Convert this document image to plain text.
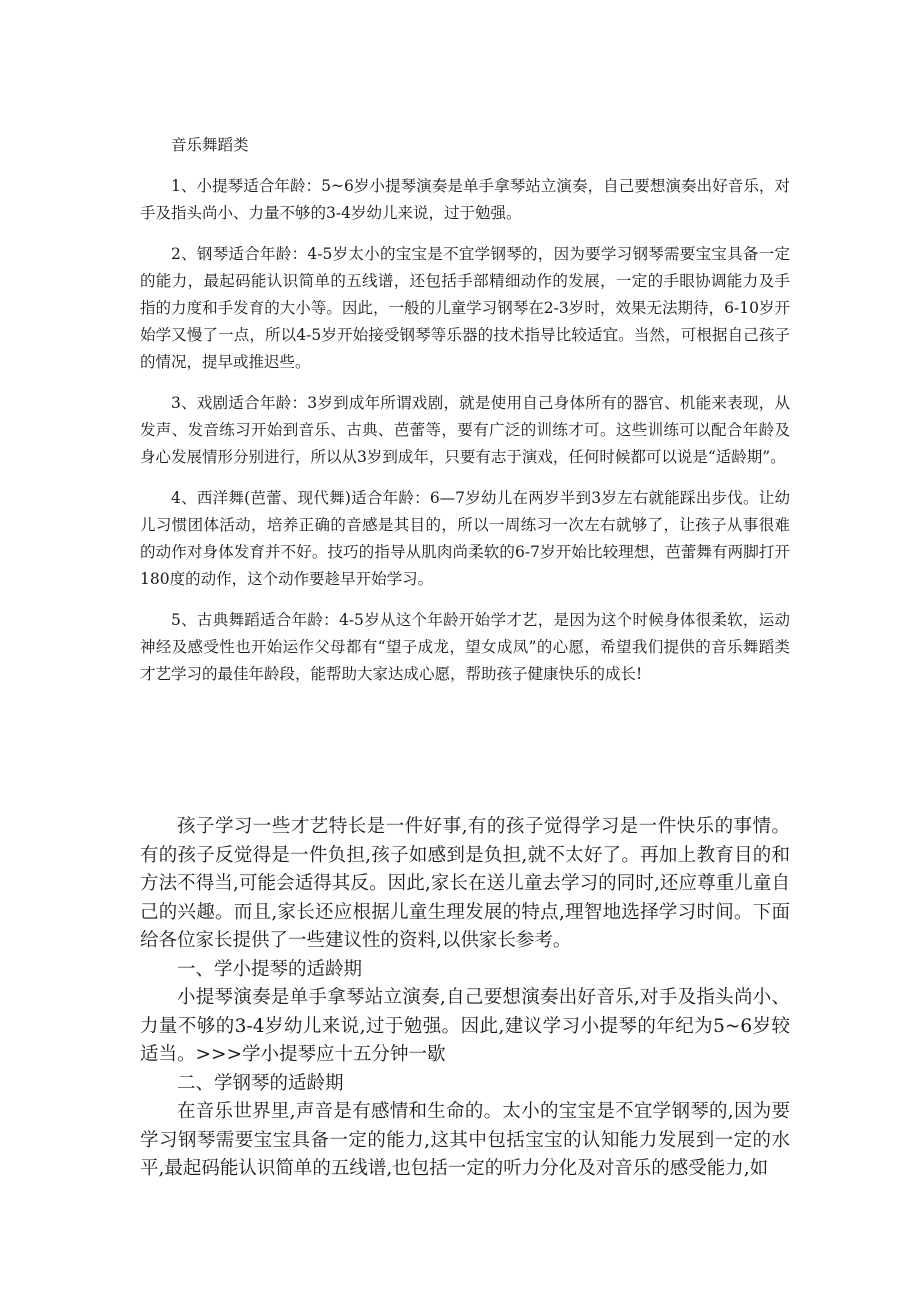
音乐舞蹈类

1、小提琴适合年龄：5~6岁小提琴演奏是单手拿琴站立演奏，自己要想演奏出好音乐，对手及指头尚小、力量不够的3-4岁幼儿来说，过于勉强。

2、钢琴适合年龄：4-5岁太小的宝宝是不宜学钢琴的，因为要学习钢琴需要宝宝具备一定的能力，最起码能认识简单的五线谱，还包括手部精细动作的发展，一定的手眼协调能力及手指的力度和手发育的大小等。因此，一般的儿童学习钢琴在2-3岁时，效果无法期待，6-10岁开始学又慢了一点，所以4-5岁开始接受钢琴等乐器的技术指导比较适宜。当然，可根据自己孩子的情况，提早或推迟些。

3、戏剧适合年龄：3岁到成年所谓戏剧，就是使用自己身体所有的器官、机能来表现，从发声、发音练习开始到音乐、古典、芭蕾等，要有广泛的训练才可。这些训练可以配合年龄及身心发展情形分别进行，所以从3岁到成年，只要有志于演戏，任何时候都可以说是“适龄期”。

4、西洋舞(芭蕾、现代舞)适合年龄：6—7岁幼儿在两岁半到3岁左右就能踩出步伐。让幼儿习惯团体活动，培养正确的音感是其目的，所以一周练习一次左右就够了，让孩子从事很难的动作对身体发育并不好。技巧的指导从肌肉尚柔软的6-7岁开始比较理想，芭蕾舞有两脚打开180度的动作，这个动作要趁早开始学习。

5、古典舞蹈适合年龄：4-5岁从这个年龄开始学才艺，是因为这个时候身体很柔软，运动神经及感受性也开始运作父母都有“望子成龙，望女成凤”的心愿，希望我们提供的音乐舞蹈类才艺学习的最佳年龄段，能帮助大家达成心愿，帮助孩子健康快乐的成长!

孩子学习一些才艺特长是一件好事,有的孩子觉得学习是一件快乐的事情。有的孩子反觉得是一件负担,孩子如感到是负担,就不太好了。再加上教育目的和方法不得当,可能会适得其反。因此,家长在送儿童去学习的同时,还应尊重儿童自己的兴趣。而且,家长还应根据儿童生理发展的特点,理智地选择学习时间。下面给各位家长提供了一些建议性的资料,以供家长参考。

一、学小提琴的适龄期

小提琴演奏是单手拿琴站立演奏,自己要想演奏出好音乐,对手及指头尚小、力量不够的3-4岁幼儿来说,过于勉强。因此,建议学习小提琴的年纪为5~6岁较适当。>>>学小提琴应十五分钟一歇

二、学钢琴的适龄期

在音乐世界里,声音是有感情和生命的。太小的宝宝是不宜学钢琴的,因为要学习钢琴需要宝宝具备一定的能力,这其中包括宝宝的认知能力发展到一定的水平,最起码能认识简单的五线谱,也包括一定的听力分化及对音乐的感受能力,如
